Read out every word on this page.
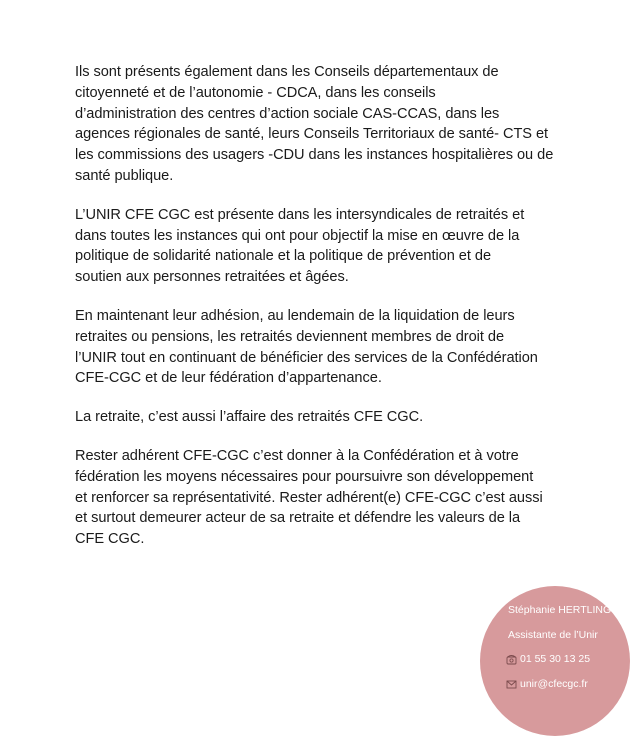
Ils sont présents également dans les Conseils départementaux de
citoyenneté et de l’autonomie - CDCA, dans les conseils
d’administration des centres d’action sociale CAS-CCAS, dans les
agences régionales de santé, leurs Conseils Territoriaux de santé- CTS et
les commissions des usagers -CDU dans les instances hospitalières ou de
santé publique.

L’UNIR CFE CGC est présente dans les intersyndicales de retraités et
dans toutes les instances qui ont pour objectif la mise en œuvre de la
politique de solidarité nationale et la politique de prévention et de
soutien aux personnes retraitées et âgées.

En maintenant leur adhésion, au lendemain de la liquidation de leurs
retraites ou pensions, les retraités deviennent membres de droit de
l’UNIR tout en continuant de bénéficier des services de la Confédération
CFE-CGC et de leur fédération d’appartenance.

La retraite, c’est aussi l’affaire des retraités CFE CGC.

Rester adhérent CFE-CGC c’est donner à la Confédération et à votre
fédération les moyens nécessaires pour poursuivre son développement
et renforcer sa représentativité. Rester adhérent(e) CFE-CGC c’est aussi
et surtout demeurer acteur de sa retraite et défendre les valeurs de la
CFE CGC.

Stéphanie HERTLING
Assistante de l’Unir
01 55 30 13 25
unir@cfecgc.fr
